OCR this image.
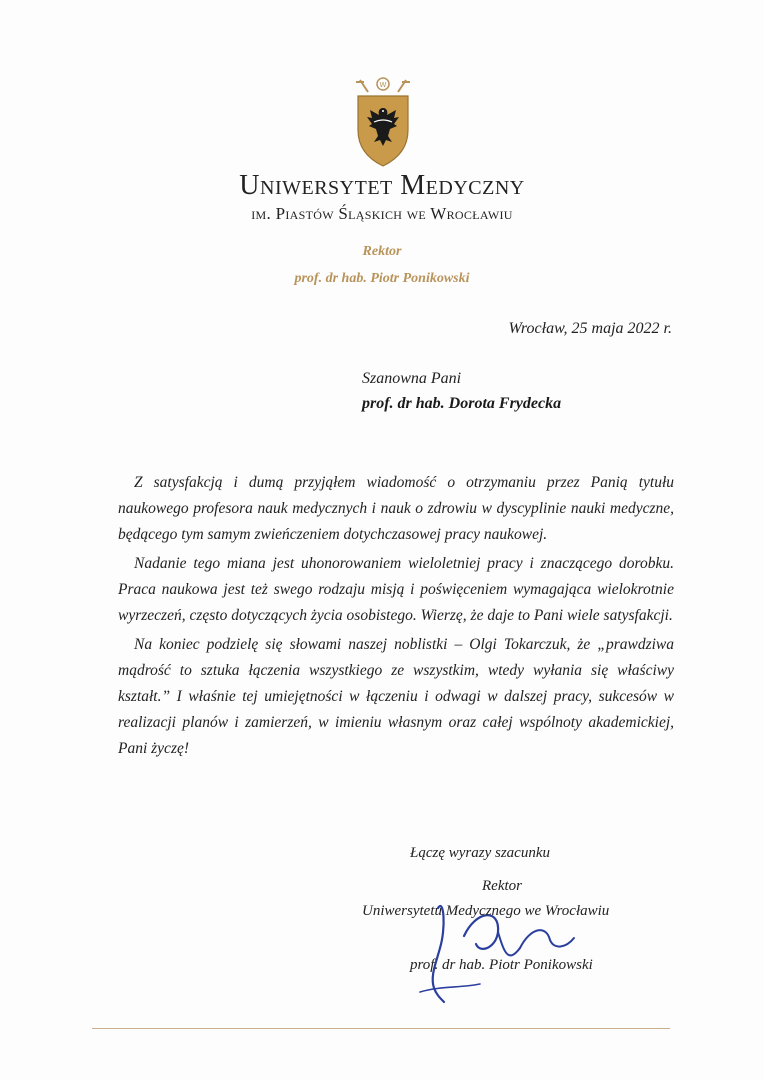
W
Uniwersytet Medyczny
im. Piastów Śląskich we Wrocławiu
Rektor
prof. dr hab. Piotr Ponikowski
Wrocław, 25 maja 2022 r.
Szanowna Pani
prof. dr hab. Dorota Frydecka

Z satysfakcją i dumą przyjąłem wiadomość o otrzymaniu przez Panią tytułu naukowego profesora nauk medycznych i nauk o zdrowiu w dyscyplinie nauki medyczne, będącego tym samym zwieńczeniem dotychczasowej pracy naukowej.

Nadanie tego miana jest uhonorowaniem wieloletniej pracy i znaczącego dorobku. Praca naukowa jest też swego rodzaju misją i poświęceniem wymagająca wielokrotnie wyrzeczeń, często dotyczących życia osobistego. Wierzę, że daje to Pani wiele satysfakcji.

Na koniec podzielę się słowami naszej noblistki – Olgi Tokarczuk, że „prawdziwa mądrość to sztuka łączenia wszystkiego ze wszystkim, wtedy wyłania się właściwy kształt.” I właśnie tej umiejętności w łączeniu i odwagi w dalszej pracy, sukcesów w realizacji planów i zamierzeń, w imieniu własnym oraz całej wspólnoty akademickiej, Pani życzę!

Łączę wyrazy szacunku
Rektor
Uniwersytetu Medycznego we Wrocławiu
prof. dr hab. Piotr Ponikowski
